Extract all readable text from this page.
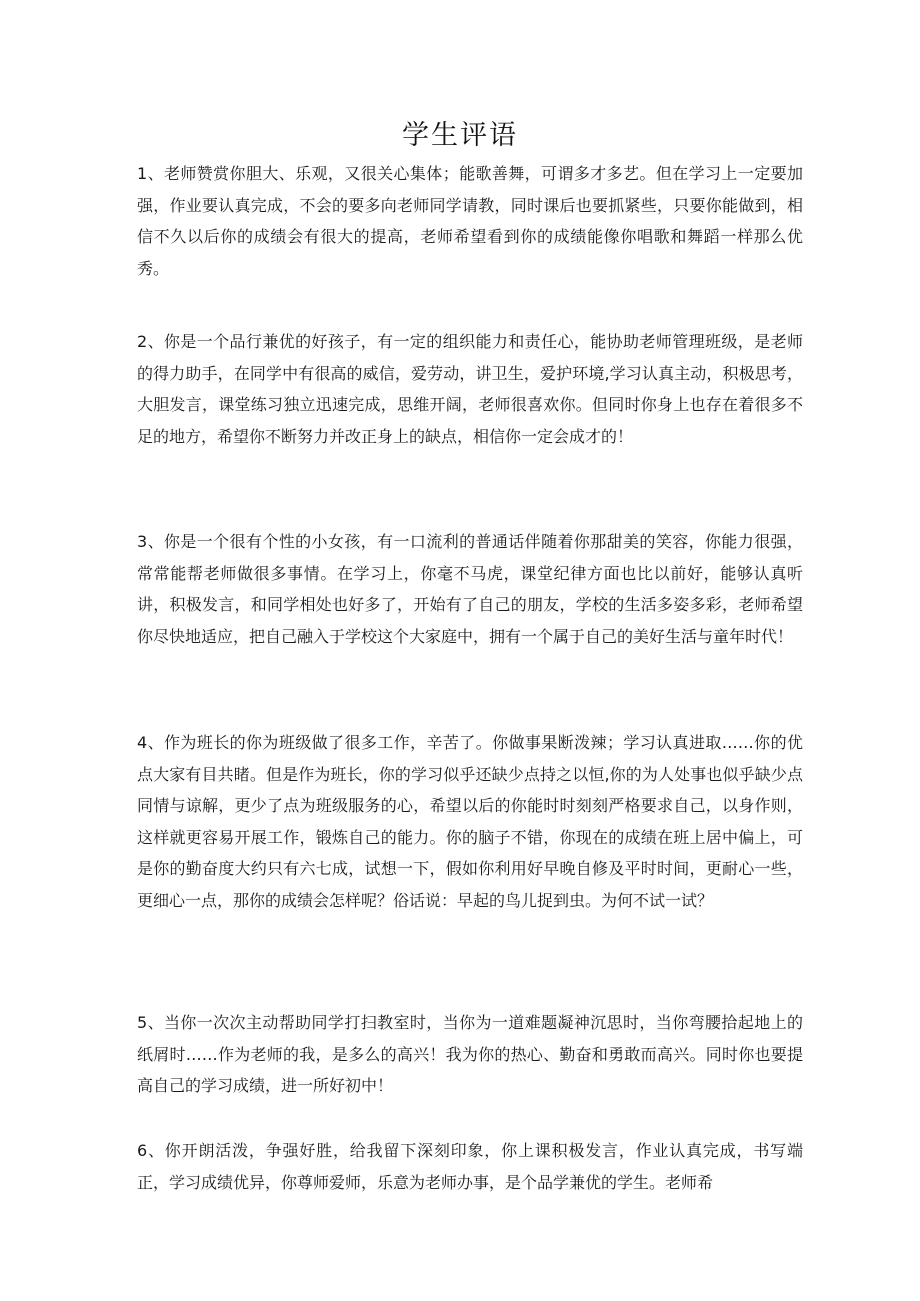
学生评语

1、老师赞赏你胆大、乐观，又很关心集体；能歌善舞，可谓多才多艺。但在学习上一定要加强，作业要认真完成，不会的要多向老师同学请教，同时课后也要抓紧些，只要你能做到，相信不久以后你的成绩会有很大的提高，老师希望看到你的成绩能像你唱歌和舞蹈一样那么优秀。

2、你是一个品行兼优的好孩子，有一定的组织能力和责任心，能协助老师管理班级，是老师的得力助手，在同学中有很高的威信，爱劳动，讲卫生，爱护环境,学习认真主动，积极思考，大胆发言，课堂练习独立迅速完成，思维开阔，老师很喜欢你。但同时你身上也存在着很多不足的地方，希望你不断努力并改正身上的缺点，相信你一定会成才的！

3、你是一个很有个性的小女孩，有一口流利的普通话伴随着你那甜美的笑容，你能力很强，常常能帮老师做很多事情。在学习上，你毫不马虎，课堂纪律方面也比以前好，能够认真听讲，积极发言，和同学相处也好多了，开始有了自己的朋友，学校的生活多姿多彩，老师希望你尽快地适应，把自己融入于学校这个大家庭中，拥有一个属于自己的美好生活与童年时代！

4、作为班长的你为班级做了很多工作，辛苦了。你做事果断泼辣；学习认真进取……你的优点大家有目共睹。但是作为班长，你的学习似乎还缺少点持之以恒,你的为人处事也似乎缺少点同情与谅解，更少了点为班级服务的心，希望以后的你能时时刻刻严格要求自己，以身作则，这样就更容易开展工作，锻炼自己的能力。你的脑子不错，你现在的成绩在班上居中偏上，可是你的勤奋度大约只有六七成，试想一下，假如你利用好早晚自修及平时时间，更耐心一些，更细心一点，那你的成绩会怎样呢？俗话说：早起的鸟儿捉到虫。为何不试一试？

5、当你一次次主动帮助同学打扫教室时，当你为一道难题凝神沉思时，当你弯腰拾起地上的纸屑时……作为老师的我，是多么的高兴！我为你的热心、勤奋和勇敢而高兴。同时你也要提高自己的学习成绩，进一所好初中！

6、你开朗活泼，争强好胜，给我留下深刻印象，你上课积极发言，作业认真完成，书写端正，学习成绩优异，你尊师爱师，乐意为老师办事，是个品学兼优的学生。老师希
